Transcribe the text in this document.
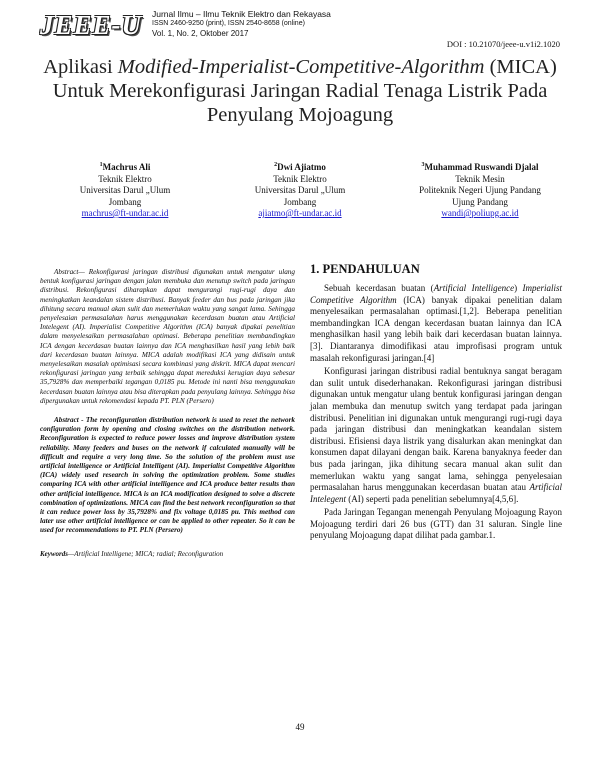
JEEE-U Jurnal Ilmu – Ilmu Teknik Elektro dan Rekayasa
ISSN 2460-9250 (print), ISSN 2540-8658 (online)
Vol. 1, No. 2, Oktober 2017
DOI : 10.21070/jeee-u.v1i2.1020
Aplikasi Modified-Imperialist-Competitive-Algorithm (MICA) Untuk Merekonfigurasi Jaringan Radial Tenaga Listrik Pada Penyulang Mojoagung
$^1$Machrus Ali
Teknik Elektro
Universitas Darul „Ulum
Jombang
machrus@ft-undar.ac.id
$^2$Dwi Ajiatmo
Teknik Elektro
Universitas Darul „Ulum
Jombang
ajiatmo@ft-undar.ac.id
$^3$Muhammad Ruswandi Djalal
Teknik Mesin
Politeknik Negeri Ujung Pandang
Ujung Pandang
wandi@poliupg.ac.id

Abstract— Rekonfigurasi jaringan distribusi digunakan untuk mengatur ulang bentuk konfigurasi jaringan dengan jalan membuka dan menutup switch pada jaringan distribusi. Rekonfigurasi diharapkan dapat mengurangi rugi-rugi daya dan meningkatkan keandalan sistem distribusi. Banyak feeder dan bus pada jaringan jika dihitung secara manual akan sulit dan memerlukan waktu yang sangat lama. Sehingga penyelesaian permasalahan harus menggunakan kecerdasan buatan atau Artificial Intelegent (AI). Imperialist Competitive Algorithm (ICA) banyak dipakai penelitian dalam menyelesaikan permasalahan optimasi. Beberapa penelitian membandingkan ICA dengan kecerdasan buatan lainnya dan ICA menghasilkan hasil yang lebih baik dari kecerdasan buatan lainnya. MICA adalah modifikasi ICA yang didisain untuk menyelesaikan masalah optimisasi secara kombinasi yang diskrit. MICA dapat mencari rekonfigurasi jaringan yang terbaik sehingga dapat mereduksi kerugian daya sebesar 35,7928% dan memperbaiki tegangan 0,0185 pu. Metode ini nanti bisa menggunakan kecerdasan buatan lainnya atau bisa diterapkan pada penyulang lainnya. Sehingga bisa dipergunakan untuk rekomendasi kepada PT. PLN (Persero)

Abstract - The reconfiguration distribution network is used to reset the network configuration form by opening and closing switches on the distribution network. Reconfiguration is expected to reduce power losses and improve distribution system reliability. Many feeders and buses on the network if calculated manually will be difficult and require a very long time. So the solution of the problem must use artificial intelligence or Artificial Intelligent (AI). Imperialist Competitive Algorithm (ICA) widely used research in solving the optimization problem. Some studies comparing ICA with other artificial intelligence and ICA produce better results than other artificial intelligence. MICA is an ICA modification designed to solve a discrete combination of optimizations. MICA can find the best network reconfiguration so that it can reduce power loss by 35,7928% and fix voltage 0,0185 pu. This method can later use other artificial intelligence or can be applied to other repeater. So it can be used for recommendations to PT. PLN (Persero)

Keywords—Artificial Intelligene; MICA; radial; Reconfiguration
1. PENDAHULUAN

Sebuah kecerdasan buatan (Artificial Intelligence) Imperialist Competitive Algorithm (ICA) banyak dipakai penelitian dalam menyelesaikan permasalahan optimasi.[1,2]. Beberapa penelitian membandingkan ICA dengan kecerdasan buatan lainnya dan ICA menghasilkan hasil yang lebih baik dari kecerdasan buatan lainnya.[3]. Diantaranya dimodifikasi atau improfisasi program untuk masalah rekonfigurasi jaringan.[4]

Konfigurasi jaringan distribusi radial bentuknya sangat beragam dan sulit untuk disederhanakan. Rekonfigurasi jaringan distribusi digunakan untuk mengatur ulang bentuk konfigurasi jaringan dengan jalan membuka dan menutup switch yang terdapat pada jaringan distribusi. Penelitian ini digunakan untuk mengurangi rugi-rugi daya pada jaringan distribusi dan meningkatkan keandalan sistem distribusi. Efisiensi daya listrik yang disalurkan akan meningkat dan konsumen dapat dilayani dengan baik. Karena banyaknya feeder dan bus pada jaringan, jika dihitung secara manual akan sulit dan memerlukan waktu yang sangat lama, sehingga penyelesaian permasalahan harus menggunakan kecerdasan buatan atau Artificial Intelegent (AI) seperti pada penelitian sebelumnya[4,5,6].

Pada Jaringan Tegangan menengah Penyulang Mojoagung Rayon Mojoagung terdiri dari 26 bus (GTT) dan 31 saluran. Single line penyulang Mojoagung dapat dilihat pada gambar.1.

49
